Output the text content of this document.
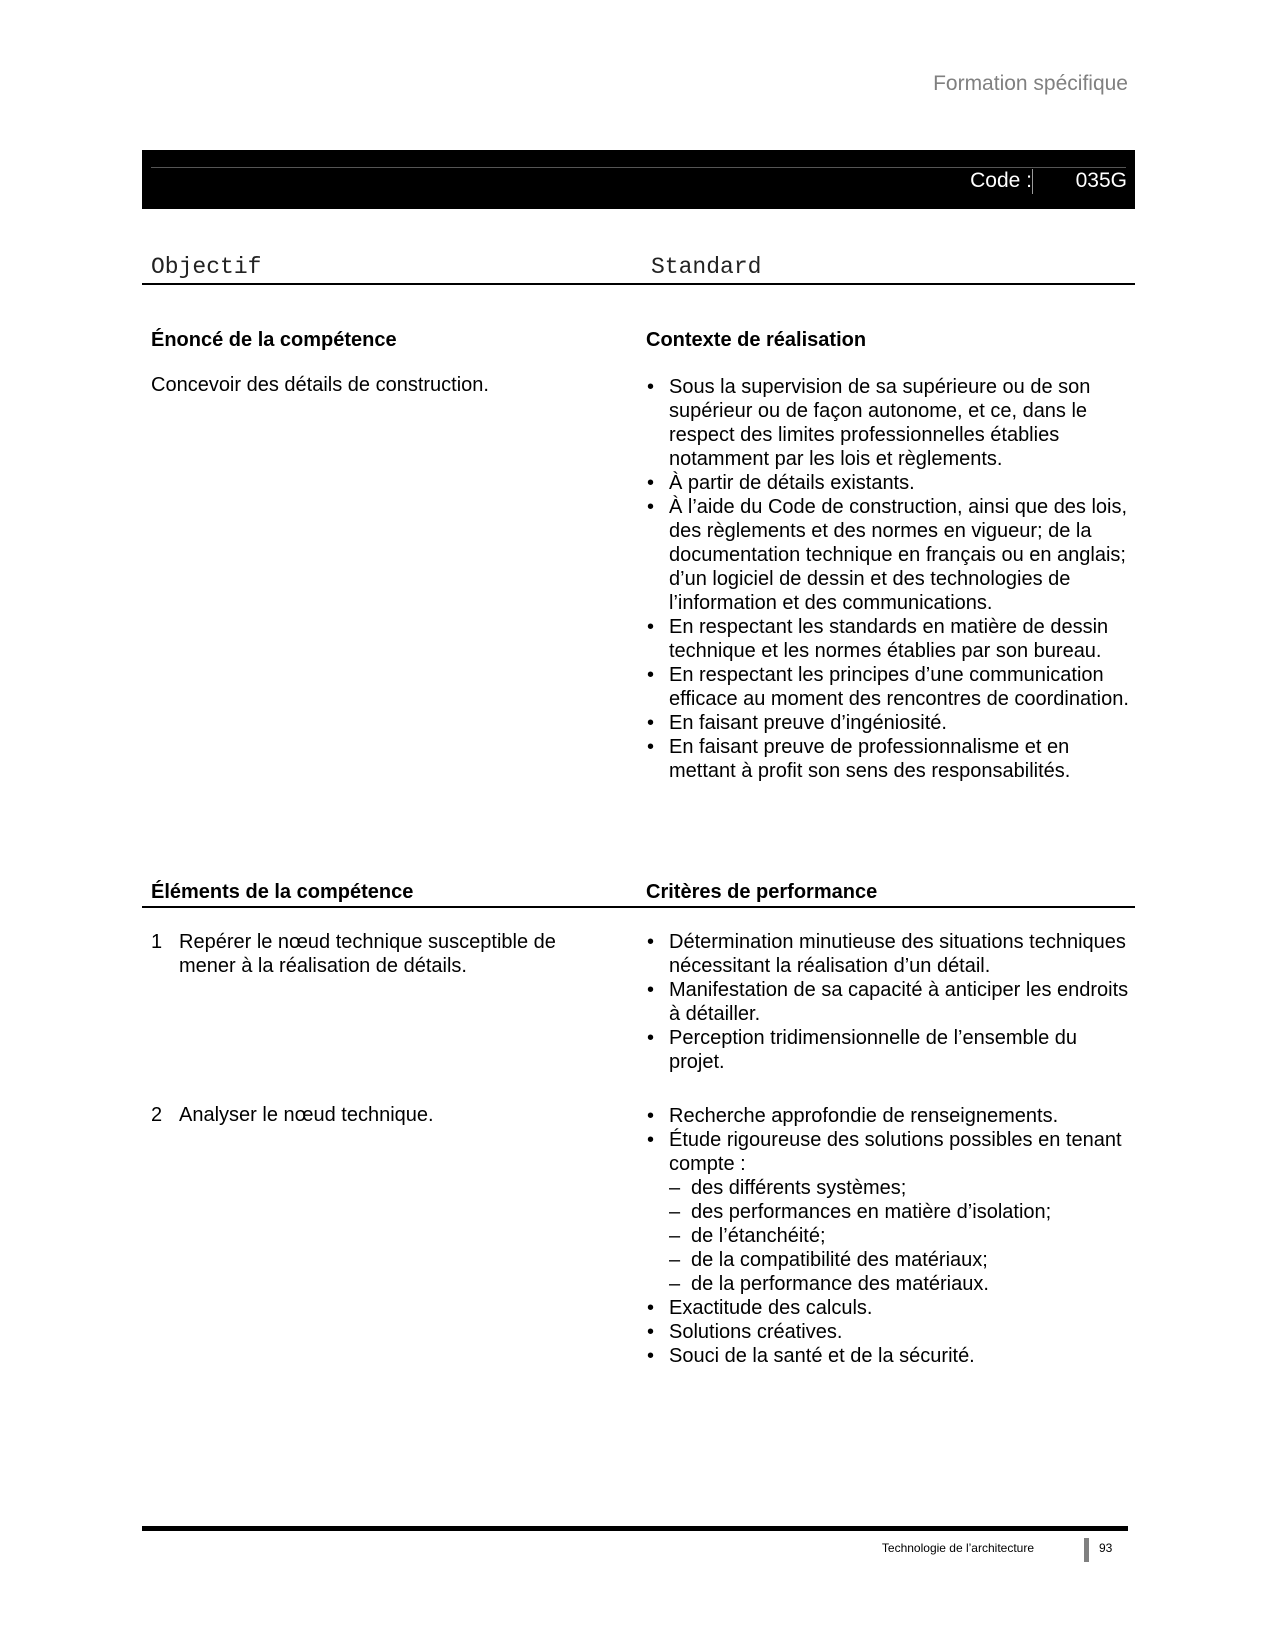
Formation spécifique
Code : 035G
Objectif	Standard
Énoncé de la compétence
Concevoir des détails de construction.
Contexte de réalisation
• Sous la supervision de sa supérieure ou de son supérieur ou de façon autonome, et ce, dans le respect des limites professionnelles établies notamment par les lois et règlements.
• À partir de détails existants.
• À l’aide du Code de construction, ainsi que des lois, des règlements et des normes en vigueur; de la documentation technique en français ou en anglais; d’un logiciel de dessin et des technologies de l’information et des communications.
• En respectant les standards en matière de dessin technique et les normes établies par son bureau.
• En respectant les principes d’une communication efficace au moment des rencontres de coordination.
• En faisant preuve d’ingéniosité.
• En faisant preuve de professionnalisme et en mettant à profit son sens des responsabilités.
Éléments de la compétence	Critères de performance
1 Repérer le nœud technique susceptible de mener à la réalisation de détails.
• Détermination minutieuse des situations techniques nécessitant la réalisation d’un détail.
• Manifestation de sa capacité à anticiper les endroits à détailler.
• Perception tridimensionnelle de l’ensemble du projet.
2 Analyser le nœud technique.
•	Recherche approfondie de renseignements.
• Étude rigoureuse des solutions possibles en tenant compte :
– des différents systèmes;
– des performances en matière d’isolation;
– de l’étanchéité;
– de la compatibilité des matériaux;
– de la performance des matériaux.
• Exactitude des calculs.
• Solutions créatives.
• Souci de la santé et de la sécurité.
Technologie de l’architecture	93
